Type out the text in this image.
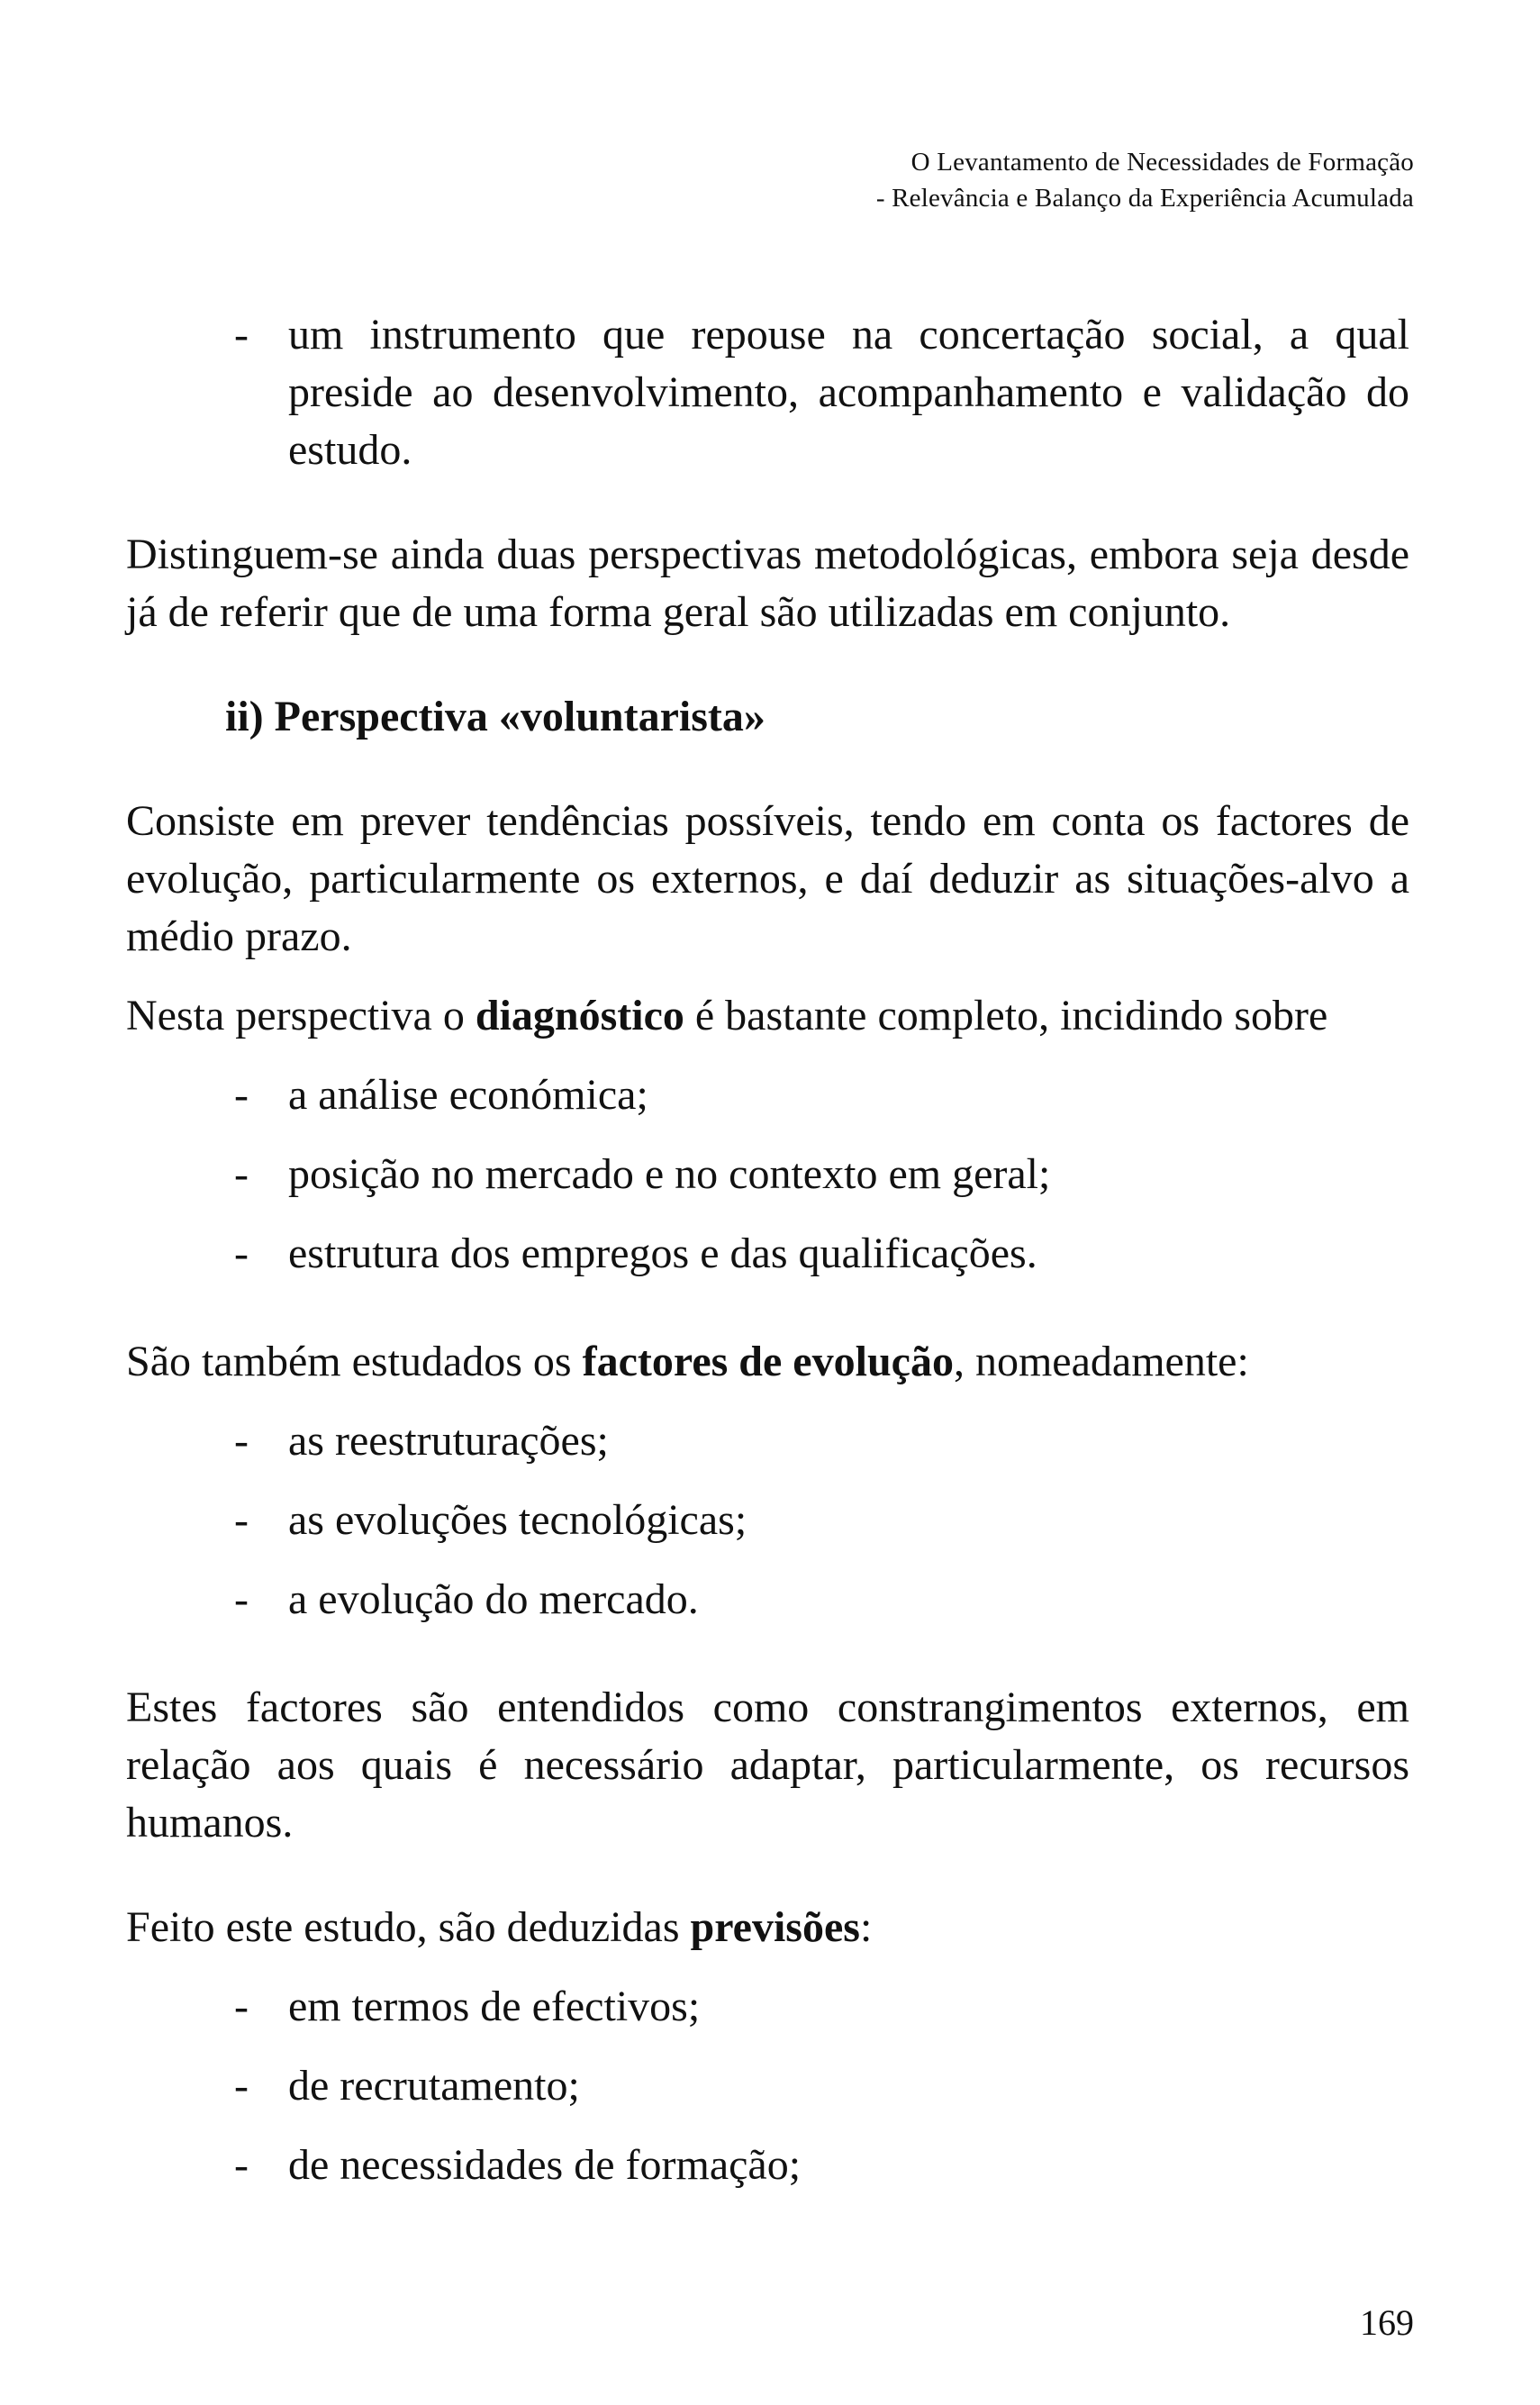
O Levantamento de Necessidades de Formação
- Relevância e Balanço da Experiência Acumulada
- um instrumento que repouse na concertação social, a qual preside ao desenvolvimento, acompanhamento e validação do estudo.

Distinguem-se ainda duas perspectivas metodológicas, embora seja desde já de referir que de uma forma geral são utilizadas em conjunto.

ii) Perspectiva «voluntarista»

Consiste em prever tendências possíveis, tendo em conta os factores de evolução, particularmente os externos, e daí deduzir as situações-alvo a médio prazo.

Nesta perspectiva o diagnóstico é bastante completo, incidindo sobre

- a análise económica;
- posição no mercado e no contexto em geral;
- estrutura dos empregos e das qualificações.

São também estudados os factores de evolução, nomeadamente:

- as reestruturações;
- as evoluções tecnológicas;
- a evolução do mercado.

Estes factores são entendidos como constrangimentos externos, em relação aos quais é necessário adaptar, particularmente, os recursos humanos.

Feito este estudo, são deduzidas previsões:

- em termos de efectivos;
- de recrutamento;
- de necessidades de formação;
169
